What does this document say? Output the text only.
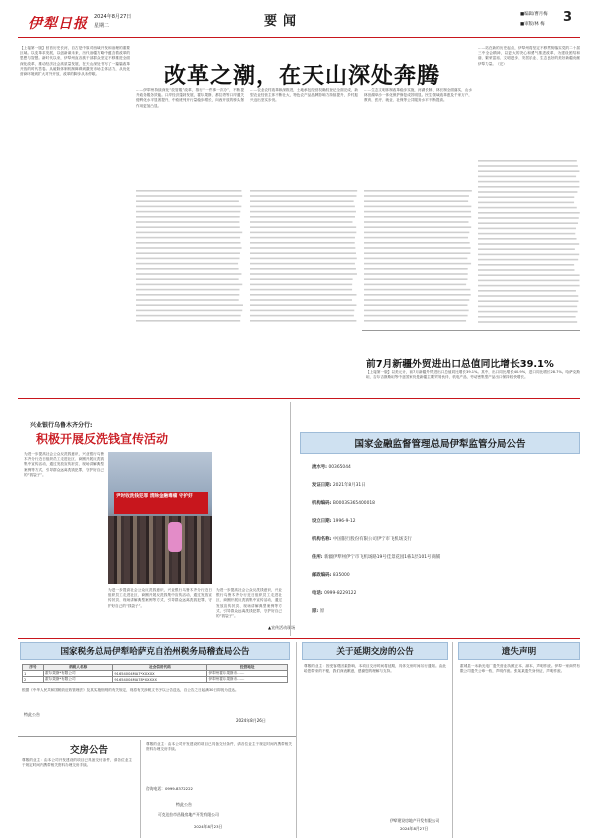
伊犁日报 2024年8月27日
星期二	要闻	■编辑/曹月梅
■审版/林 梅 3
改革之潮，在天山深处奔腾
【上接第一版】回首历史长河，自古是中原对西域开发和治理的重要区域。以变革求发展，以创新谋未来，历代治疆方略中蕴含着改革的思想与智慧。新时代以来，伊犁州直各族干部群众坚定不移推进全面深化改革，推动经济社会高质量发展，在天山深处书写了一篇篇改革开放的时代答卷。从破除体制机制障碍到激发市场主体活力，从优化营商环境到扩大对外开放，改革的脚步从未停歇。
……伊犁州持续深化“放管服”改革，推行“一件事一次办”，不断提升政务服务效能。口岸经济蓬勃发展，霍尔果斯、都拉塔等口岸通关便利化水平显著提升，中欧班列开行量稳步增长，向西开放的桥头堡作用更加凸显。
……农业农村改革纵深推进，土地承包经营权确权登记全面完成，新型农业经营主体不断壮大，特色农产品品牌影响力持续提升，乡村振兴迈出坚实步伐。
……生态文明体制改革稳步实施，河湖长制、林长制全面落实，山水林田湖草沙一体化保护修复成效明显。民生领域改革惠及千家万户，教育、医疗、就业、社保等公共服务水平不断提高。
……站在新的历史起点，伊犁州将坚定不移贯彻落实党的二十届三中全会精神，以更大的决心和勇气推进改革，为建设团结和谐、繁荣富裕、文明进步、安居乐业、生态良好的美好新疆贡献伊犁力量。（完）
前7月新疆外贸进出口总值同比增长39.1%
【上接第一版】以美元计，前7月新疆外贸进出口总值同比增长39.1%。其中，出口同比增长40.9%，进口同比增长28.7%。哈萨克斯坦、吉尔吉斯斯坦等中亚国家仍是新疆主要贸易伙伴，机电产品、劳动密集型产品出口保持较快增长。
兴业银行乌鲁木齐分行:
积极开展反洗钱宣传活动
为进一步提高社会公众反洗钱意识，兴业银行乌鲁木齐分行近日组织员工走进社区、商圈开展反洗钱集中宣传活动，通过发放宣传折页、现场讲解典型案例等方式，引导群众远离洗钱犯罪，守护好自己的“钱袋子”。
尹时收洗钱犯罪 清除金融毒瘤 守护好
▲宣传活动现场
为进一步提高社会公众反洗钱意识，兴业银行乌鲁木齐分行近日组织员工走进社区、商圈开展反洗钱集中宣传活动，通过发放宣传折页、现场讲解典型案例等方式，引导群众远离洗钱犯罪，守护好自己的“钱袋子”。
为进一步提高社会公众反洗钱意识，兴业银行乌鲁木齐分行近日组织员工走进社区、商圈开展反洗钱集中宣传活动，通过发放宣传折页、现场讲解典型案例等方式，引导群众远离洗钱犯罪，守护好自己的“钱袋子”。
国家金融监督管理总局伊犁监管分局公告
流水号: 00365044
发证日期: 2021年8月31日
机构编码: B0003S365400018
设立日期: 1996-9-12
机构名称: 中国银行股份有限公司伊宁市飞机场支行
住所: 新疆伊犁州伊宁市飞机场路19号佳景花园1栋1层101号商铺
邮政编码: 835000
电话: 0999-8229122
原: 原
国家税务总局伊犁哈萨克自治州税务局稽查局公告
序号	纳税人名称	社会信用代码	经营地址
1	霍尔果斯*有限公司	91654004MA7*XXXXX	伊犁州霍尔果斯市……
2	霍尔果斯*有限公司	91654004MA78*XXXXX	伊犁州霍尔果斯市……
根据《中华人民共和国税收征收管理法》及其实施细则的有关规定，现将有关涉税文书予以公告送达，自公告之日起满30日即视为送达。
特此公告
2024年8月26日
关于延期交房的公告
尊敬的业主：因受客观因素影响，本项目交房时间将延期，具体交房时间另行通知。由此给您带来的不便，我们深表歉意，感谢您的理解与支持。
伊犁建设房地产开发有限公司
2024年8月27日
遗失声明
霍城县一米新光电厂遗失营业执照正本、副本，声明作废。伊犁一家商贸有限公司遗失公章一枚，声明作废。张某某遗失身份证，声明作废。
交房公告
尊敬的业主：由本公司开发建设的项目已具备交付条件，请各位业主于规定时间内携带相关资料办理交房手续。
尊敬的业主：由本公司开发建设的项目已具备交付条件，请各位业主于规定时间内携带相关资料办理交房手续。
咨询电话：0999-8372222
特此公告
可克达拉市昌隆房地产开发有限公司
2024年8月23日
